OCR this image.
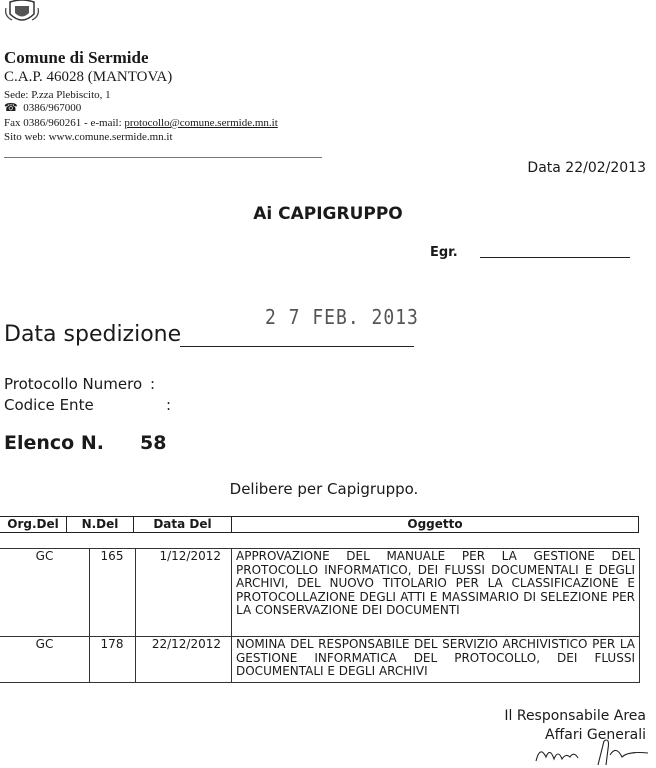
Comune di Sermide
C.A.P. 46028 (MANTOVA)
Sede: P.zza Plebiscito, 1
☎ 0386/967000
Fax 0386/960261 - e-mail: protocollo@comune.sermide.mn.it
Sito web: www.comune.sermide.mn.it
Data 22/02/2013
Ai CAPIGRUPPO
Egr.
2 7 FEB. 2013
Data spedizione
Protocollo Numero :
Codice Ente	:
Elenco N. 58
Delibere per Capigruppo.
Org.Del	N.Del	Data Del	Oggetto
GC	165	1/12/2012	APPROVAZIONE DEL MANUALE PER LA GESTIONE DEL PROTOCOLLO INFORMATICO, DEI FLUSSI DOCUMENTALI E DEGLI ARCHIVI, DEL NUOVO TITOLARIO PER LA CLASSIFICAZIONE E PROTOCOLLAZIONE DEGLI ATTI E MASSIMARIO DI SELEZIONE PER LA CONSERVAZIONE DEI DOCUMENTI
GC	178	22/12/2012	NOMINA DEL RESPONSABILE DEL SERVIZIO ARCHIVISTICO PER LA GESTIONE INFORMATICA DEL PROTOCOLLO, DEI FLUSSI DOCUMENTALI E DEGLI ARCHIVI
Il Responsabile Area
Affari Generali
